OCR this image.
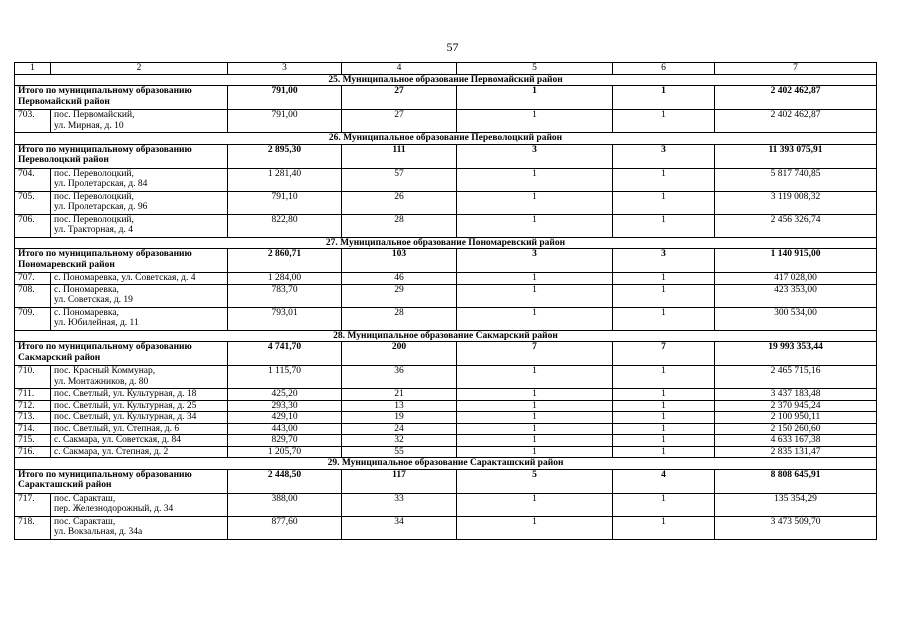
57
1	2	3	4	5	6	7
25. Муниципальное образование Первомайский район						
Итого по муниципальному образованию
Первомайский район		791,00	27	1	1	2 402 462,87
703.	пос. Первомайский,
ул. Мирная, д. 10	791,00	27	1	1	2 402 462,87
26. Муниципальное образование Переволоцкий район						
Итого по муниципальному образованию
Переволоцкий район		2 895,30	111	3	3	11 393 075,91
704.	пос. Переволоцкий,
ул. Пролетарская, д. 84	1 281,40	57	1	1	5 817 740,85
705.	пос. Переволоцкий,
ул. Пролетарская, д. 96	791,10	26	1	1	3 119 008,32
706.	пос. Переволоцкий,
ул. Тракторная, д. 4	822,80	28	1	1	2 456 326,74
27. Муниципальное образование Пономаревский район						
Итого по муниципальному образованию
Пономаревский район		2 860,71	103	3	3	1 140 915,00
707.	с. Пономаревка, ул. Советская, д. 4	1 284,00	46	1	1	417 028,00
708.	с. Пономаревка,
ул. Советская, д. 19	783,70	29	1	1	423 353,00
709.	с. Пономаревка,
ул. Юбилейная, д. 11	793,01	28	1	1	300 534,00
28. Муниципальное образование Сакмарский район						
Итого по муниципальному образованию
Сакмарский район		4 741,70	200	7	7	19 993 353,44
710.	пос. Красный Коммунар,
ул. Монтажников, д. 80	1 115,70	36	1	1	2 465 715,16
711.	пос. Светлый, ул. Культурная, д. 18	425,20	21	1	1	3 437 183,48
712.	пос. Светлый, ул. Культурная, д. 25	293,30	13	1	1	2 370 945,24
713.	пос. Светлый, ул. Культурная, д. 34	429,10	19	1	1	2 100 950,11
714.	пос. Светлый, ул. Степная, д. 6	443,00	24	1	1	2 150 260,60
715.	с. Сакмара, ул. Советская, д. 84	829,70	32	1	1	4 633 167,38
716.	с. Сакмара, ул. Степная, д. 2	1 205,70	55	1	1	2 835 131,47
29. Муниципальное образование Саракташский район						
Итого по муниципальному образованию
Саракташский район		2 448,50	117	5	4	8 808 645,91
717.	пос. Саракташ,
пер. Железнодорожный, д. 34	388,00	33	1	1	135 354,29
718.	пос. Саракташ,
ул. Вокзальная, д. 34а	877,60	34	1	1	3 473 509,70
